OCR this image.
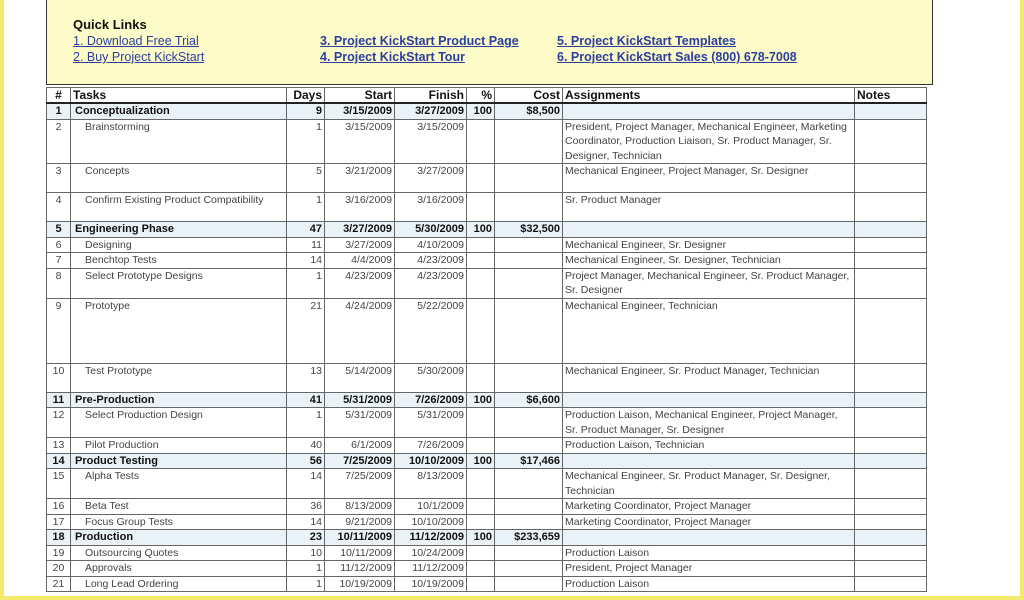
Quick Links
1. Download Free Trial
2. Buy Project KickStart
3. Project KickStart Product Page
4. Project KickStart Tour
5. Project KickStart Templates
6. Project KickStart Sales (800) 678-7008
#	Tasks	Days	Start	Finish	%	Cost	Assignments	Notes
1	Conceptualization	9	3/15/2009	3/27/2009	100	$8,500		
2	Brainstorming	1	3/15/2009	3/15/2009			President, Project Manager, Mechanical Engineer, Marketing Coordinator, Production Liaison, Sr. Product Manager, Sr. Designer, Technician	
3	Concepts	5	3/21/2009	3/27/2009			Mechanical Engineer, Project Manager, Sr. Designer	
4	Confirm Existing Product Compatibility	1	3/16/2009	3/16/2009			Sr. Product Manager	
5	Engineering Phase	47	3/27/2009	5/30/2009	100	$32,500		
6	Designing	11	3/27/2009	4/10/2009			Mechanical Engineer, Sr. Designer	
7	Benchtop Tests	14	4/4/2009	4/23/2009			Mechanical Engineer, Sr. Designer, Technician	
8	Select Prototype Designs	1	4/23/2009	4/23/2009			Project Manager, Mechanical Engineer, Sr. Product Manager, Sr. Designer	
9	Prototype	21	4/24/2009	5/22/2009			Mechanical Engineer, Technician	
10	Test Prototype	13	5/14/2009	5/30/2009			Mechanical Engineer, Sr. Product Manager, Technician	
11	Pre-Production	41	5/31/2009	7/26/2009	100	$6,600		
12	Select Production Design	1	5/31/2009	5/31/2009			Production Laison, Mechanical Engineer, Project Manager, Sr. Product Manager, Sr. Designer	
13	Pilot Production	40	6/1/2009	7/26/2009			Production Laison, Technician	
14	Product Testing	56	7/25/2009	10/10/2009	100	$17,466		
15	Alpha Tests	14	7/25/2009	8/13/2009			Mechanical Engineer, Sr. Product Manager, Sr. Designer, Technician	
16	Beta Test	36	8/13/2009	10/1/2009			Marketing Coordinator, Project Manager	
17	Focus Group Tests	14	9/21/2009	10/10/2009			Marketing Coordinator, Project Manager	
18	Production	23	10/11/2009	11/12/2009	100	$233,659		
19	Outsourcing Quotes	10	10/11/2009	10/24/2009			Production Laison	
20	Approvals	1	11/12/2009	11/12/2009			President, Project Manager	
21	Long Lead Ordering	1	10/19/2009	10/19/2009			Production Laison	
